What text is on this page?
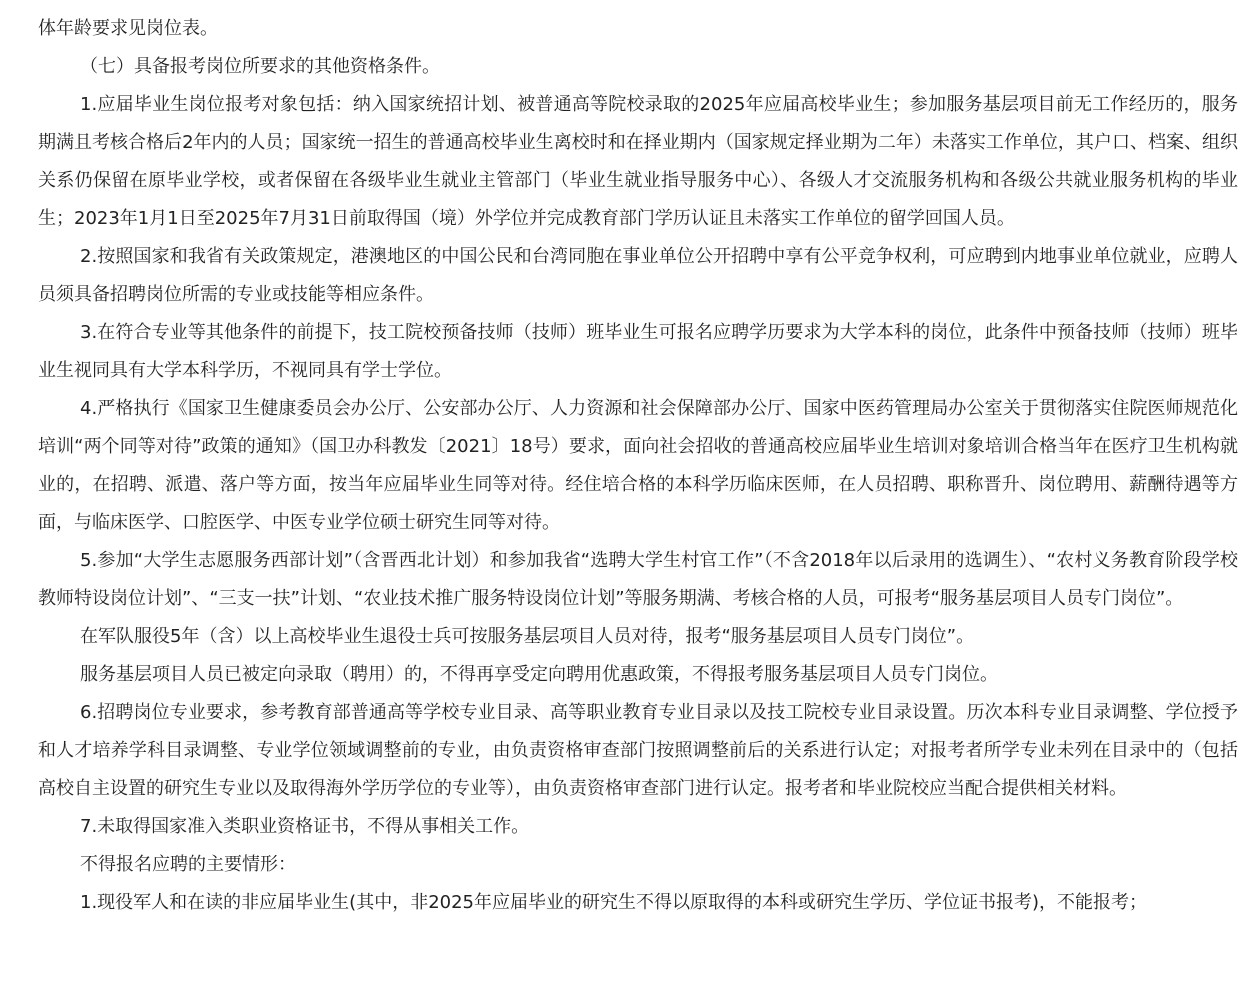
体年龄要求见岗位表。

（七）具备报考岗位所要求的其他资格条件。

1.应届毕业生岗位报考对象包括：纳入国家统招计划、被普通高等院校录取的2025年应届高校毕业生；参加服务基层项目前无工作经历的，服务期满且考核合格后2年内的人员；国家统一招生的普通高校毕业生离校时和在择业期内（国家规定择业期为二年）未落实工作单位，其户口、档案、组织关系仍保留在原毕业学校，或者保留在各级毕业生就业主管部门（毕业生就业指导服务中心）、各级人才交流服务机构和各级公共就业服务机构的毕业生；2023年1月1日至2025年7月31日前取得国（境）外学位并完成教育部门学历认证且未落实工作单位的留学回国人员。

2.按照国家和我省有关政策规定，港澳地区的中国公民和台湾同胞在事业单位公开招聘中享有公平竞争权利，可应聘到内地事业单位就业，应聘人员须具备招聘岗位所需的专业或技能等相应条件。

3.在符合专业等其他条件的前提下，技工院校预备技师（技师）班毕业生可报名应聘学历要求为大学本科的岗位，此条件中预备技师（技师）班毕业生视同具有大学本科学历，不视同具有学士学位。

4.严格执行《国家卫生健康委员会办公厅、公安部办公厅、人力资源和社会保障部办公厅、国家中医药管理局办公室关于贯彻落实住院医师规范化培训“两个同等对待”政策的通知》（国卫办科教发〔2021〕18号）要求，面向社会招收的普通高校应届毕业生培训对象培训合格当年在医疗卫生机构就业的，在招聘、派遣、落户等方面，按当年应届毕业生同等对待。经住培合格的本科学历临床医师，在人员招聘、职称晋升、岗位聘用、薪酬待遇等方面，与临床医学、口腔医学、中医专业学位硕士研究生同等对待。

5.参加“大学生志愿服务西部计划”（含晋西北计划）和参加我省“选聘大学生村官工作”（不含2018年以后录用的选调生）、“农村义务教育阶段学校教师特设岗位计划”、“三支一扶”计划、“农业技术推广服务特设岗位计划”等服务期满、考核合格的人员，可报考“服务基层项目人员专门岗位”。

在军队服役5年（含）以上高校毕业生退役士兵可按服务基层项目人员对待，报考“服务基层项目人员专门岗位”。

服务基层项目人员已被定向录取（聘用）的，不得再享受定向聘用优惠政策，不得报考服务基层项目人员专门岗位。

6.招聘岗位专业要求，参考教育部普通高等学校专业目录、高等职业教育专业目录以及技工院校专业目录设置。历次本科专业目录调整、学位授予和人才培养学科目录调整、专业学位领域调整前的专业，由负责资格审查部门按照调整前后的关系进行认定；对报考者所学专业未列在目录中的（包括高校自主设置的研究生专业以及取得海外学历学位的专业等），由负责资格审查部门进行认定。报考者和毕业院校应当配合提供相关材料。

7.未取得国家准入类职业资格证书，不得从事相关工作。

不得报名应聘的主要情形：

1.现役军人和在读的非应届毕业生(其中，非2025年应届毕业的研究生不得以原取得的本科或研究生学历、学位证书报考)，不能报考；
